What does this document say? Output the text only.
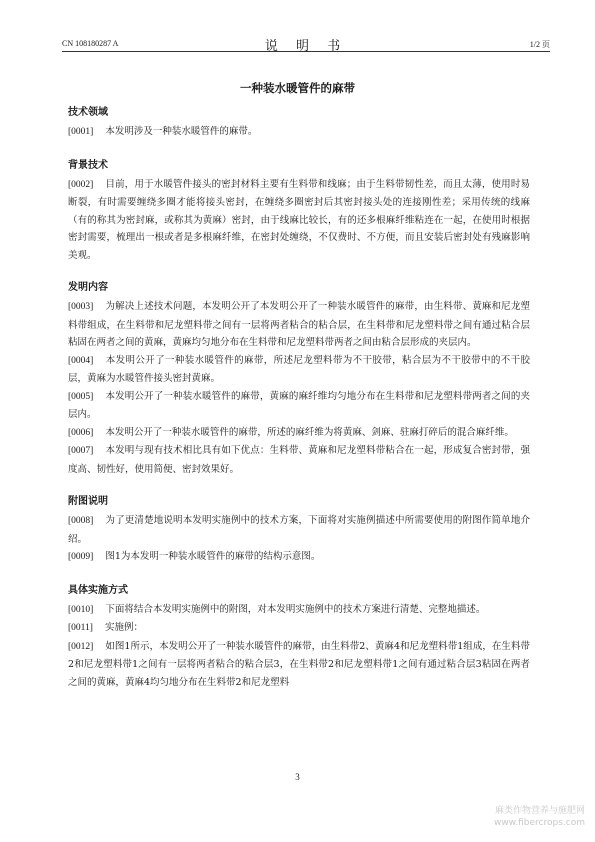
CN 108180287 A	说 明 书	1/2 页
一种装水暖管件的麻带
技术领域
[0001] 本发明涉及一种装水暖管件的麻带。
背景技术
[0002] 目前，用于水暖管件接头的密封材料主要有生料带和线麻；由于生料带韧性差，而且太薄，使用时易断裂，有时需要缠绕多圈才能将接头密封，在缠绕多圈密封后其密封接头处的连接刚性差；采用传统的线麻（有的称其为密封麻，或称其为黄麻）密封，由于线麻比较长，有的还多根麻纤维粘连在一起，在使用时根据密封需要，梳理出一根或者是多根麻纤维，在密封处缠绕，不仅费时、不方便，而且安装后密封处有残麻影响美观。
发明内容
[0003] 为解决上述技术问题，本发明公开了本发明公开了一种装水暖管件的麻带，由生料带、黄麻和尼龙塑料带组成，在生料带和尼龙塑料带之间有一层将两者粘合的粘合层，在生料带和尼龙塑料带之间有通过粘合层粘固在两者之间的黄麻，黄麻均匀地分布在生料带和尼龙塑料带两者之间由粘合层形成的夹层内。
[0004] 本发明公开了一种装水暖管件的麻带，所述尼龙塑料带为不干胶带，粘合层为不干胶带中的不干胶层，黄麻为水暖管件接头密封黄麻。
[0005] 本发明公开了一种装水暖管件的麻带，黄麻的麻纤维均匀地分布在生料带和尼龙塑料带两者之间的夹层内。
[0006] 本发明公开了一种装水暖管件的麻带，所述的麻纤维为将黄麻、剑麻、驻麻打碎后的混合麻纤维。
[0007] 本发明与现有技术相比具有如下优点：生料带、黄麻和尼龙塑料带粘合在一起，形成复合密封带，强度高、韧性好，使用简便、密封效果好。
附图说明
[0008] 为了更清楚地说明本发明实施例中的技术方案，下面将对实施例描述中所需要使用的附图作简单地介绍。
[0009] 图1为本发明一种装水暖管件的麻带的结构示意图。
具体实施方式
[0010] 下面将结合本发明实施例中的附图，对本发明实施例中的技术方案进行清楚、完整地描述。
[0011] 实施例：
[0012] 如图1所示，本发明公开了一种装水暖管件的麻带，由生料带2、黄麻4和尼龙塑料带1组成，在生料带2和尼龙塑料带1之间有一层将两者粘合的粘合层3，在生料带2和尼龙塑料带1之间有通过粘合层3粘固在两者之间的黄麻，黄麻4均匀地分布在生料带2和尼龙塑料
3
麻类作物营养与施肥网
www.fibercrops.com
